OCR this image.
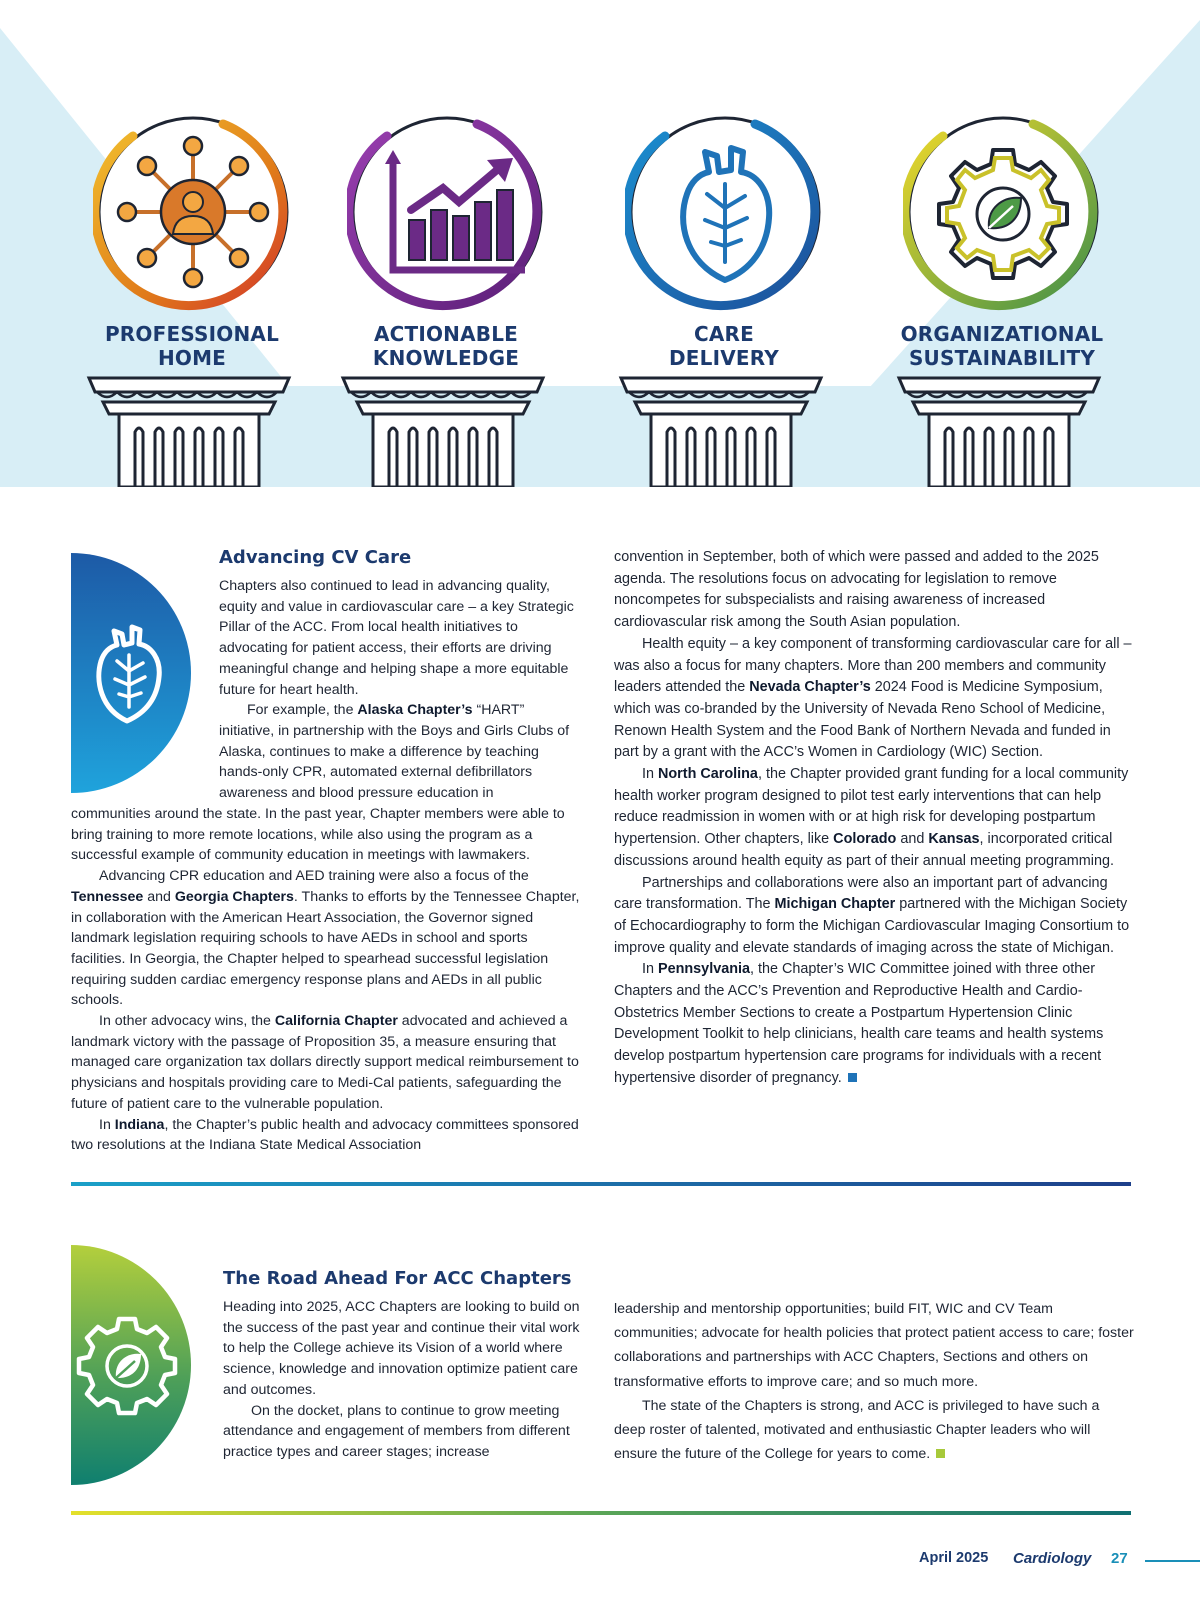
PROFESSIONAL
HOME
ACTIONABLE
KNOWLEDGE
CARE
DELIVERY
ORGANIZATIONAL
SUSTAINABILITY
Advancing CV Care

Chapters also continued to lead in advancing quality, equity and value in cardiovascular care – a key Strategic Pillar of the ACC. From local health initiatives to advocating for patient access, their efforts are driving meaningful change and helping shape a more equitable future for heart health.

For example, the Alaska Chapter’s “HART” initiative, in partnership with the Boys and Girls Clubs of Alaska, continues to make a difference by teaching hands-only CPR, automated external defibrillators awareness and blood pressure education in

communities around the state. In the past year, Chapter members were able to bring training to more remote locations, while also using the program as a successful example of community education in meetings with lawmakers.

Advancing CPR education and AED training were also a focus of the Tennessee and Georgia Chapters. Thanks to efforts by the Tennessee Chapter, in collaboration with the American Heart Association, the Governor signed landmark legislation requiring schools to have AEDs in school and sports facilities. In Georgia, the Chapter helped to spearhead successful legislation requiring sudden cardiac emergency response plans and AEDs in all public schools.

In other advocacy wins, the California Chapter advocated and achieved a landmark victory with the passage of Proposition 35, a measure ensuring that managed care organization tax dollars directly support medical reimbursement to physicians and hospitals providing care to Medi-Cal patients, safeguarding the future of patient care to the vulnerable population.

In Indiana, the Chapter’s public health and advocacy committees sponsored two resolutions at the Indiana State Medical Association

convention in September, both of which were passed and added to the 2025 agenda. The resolutions focus on advocating for legislation to remove noncompetes for subspecialists and raising awareness of increased cardiovascular risk among the South Asian population.

Health equity – a key component of transforming cardiovascular care for all – was also a focus for many chapters. More than 200 members and community leaders attended the Nevada Chapter’s 2024 Food is Medicine Symposium, which was co-branded by the University of Nevada Reno School of Medicine, Renown Health System and the Food Bank of Northern Nevada and funded in part by a grant with the ACC’s Women in Cardiology (WIC) Section.

In North Carolina, the Chapter provided grant funding for a local community health worker program designed to pilot test early interventions that can help reduce readmission in women with or at high risk for developing postpartum hypertension. Other chapters, like Colorado and Kansas, incorporated critical discussions around health equity as part of their annual meeting programming.

Partnerships and collaborations were also an important part of advancing care transformation. The Michigan Chapter partnered with the Michigan Society of Echocardiography to form the Michigan Cardiovascular Imaging Consortium to improve quality and elevate standards of imaging across the state of Michigan.

In Pennsylvania, the Chapter’s WIC Committee joined with three other Chapters and the ACC’s Prevention and Reproductive Health and Cardio-Obstetrics Member Sections to create a Postpartum Hypertension Clinic Development Toolkit to help clinicians, health care teams and health systems develop postpartum hypertension care programs for individuals with a recent hypertensive disorder of pregnancy.

The Road Ahead For ACC Chapters

Heading into 2025, ACC Chapters are looking to build on the success of the past year and continue their vital work to help the College achieve its Vision of a world where science, knowledge and innovation optimize patient care and outcomes.

On the docket, plans to continue to grow meeting attendance and engagement of members from different practice types and career stages; increase

leadership and mentorship opportunities; build FIT, WIC and CV Team communities; advocate for health policies that protect patient access to care; foster collaborations and partnerships with ACC Chapters, Sections and others on transformative efforts to improve care; and so much more.

The state of the Chapters is strong, and ACC is privileged to have such a deep roster of talented, motivated and enthusiastic Chapter leaders who will ensure the future of the College for years to come.

April 2025 Cardiology 27
